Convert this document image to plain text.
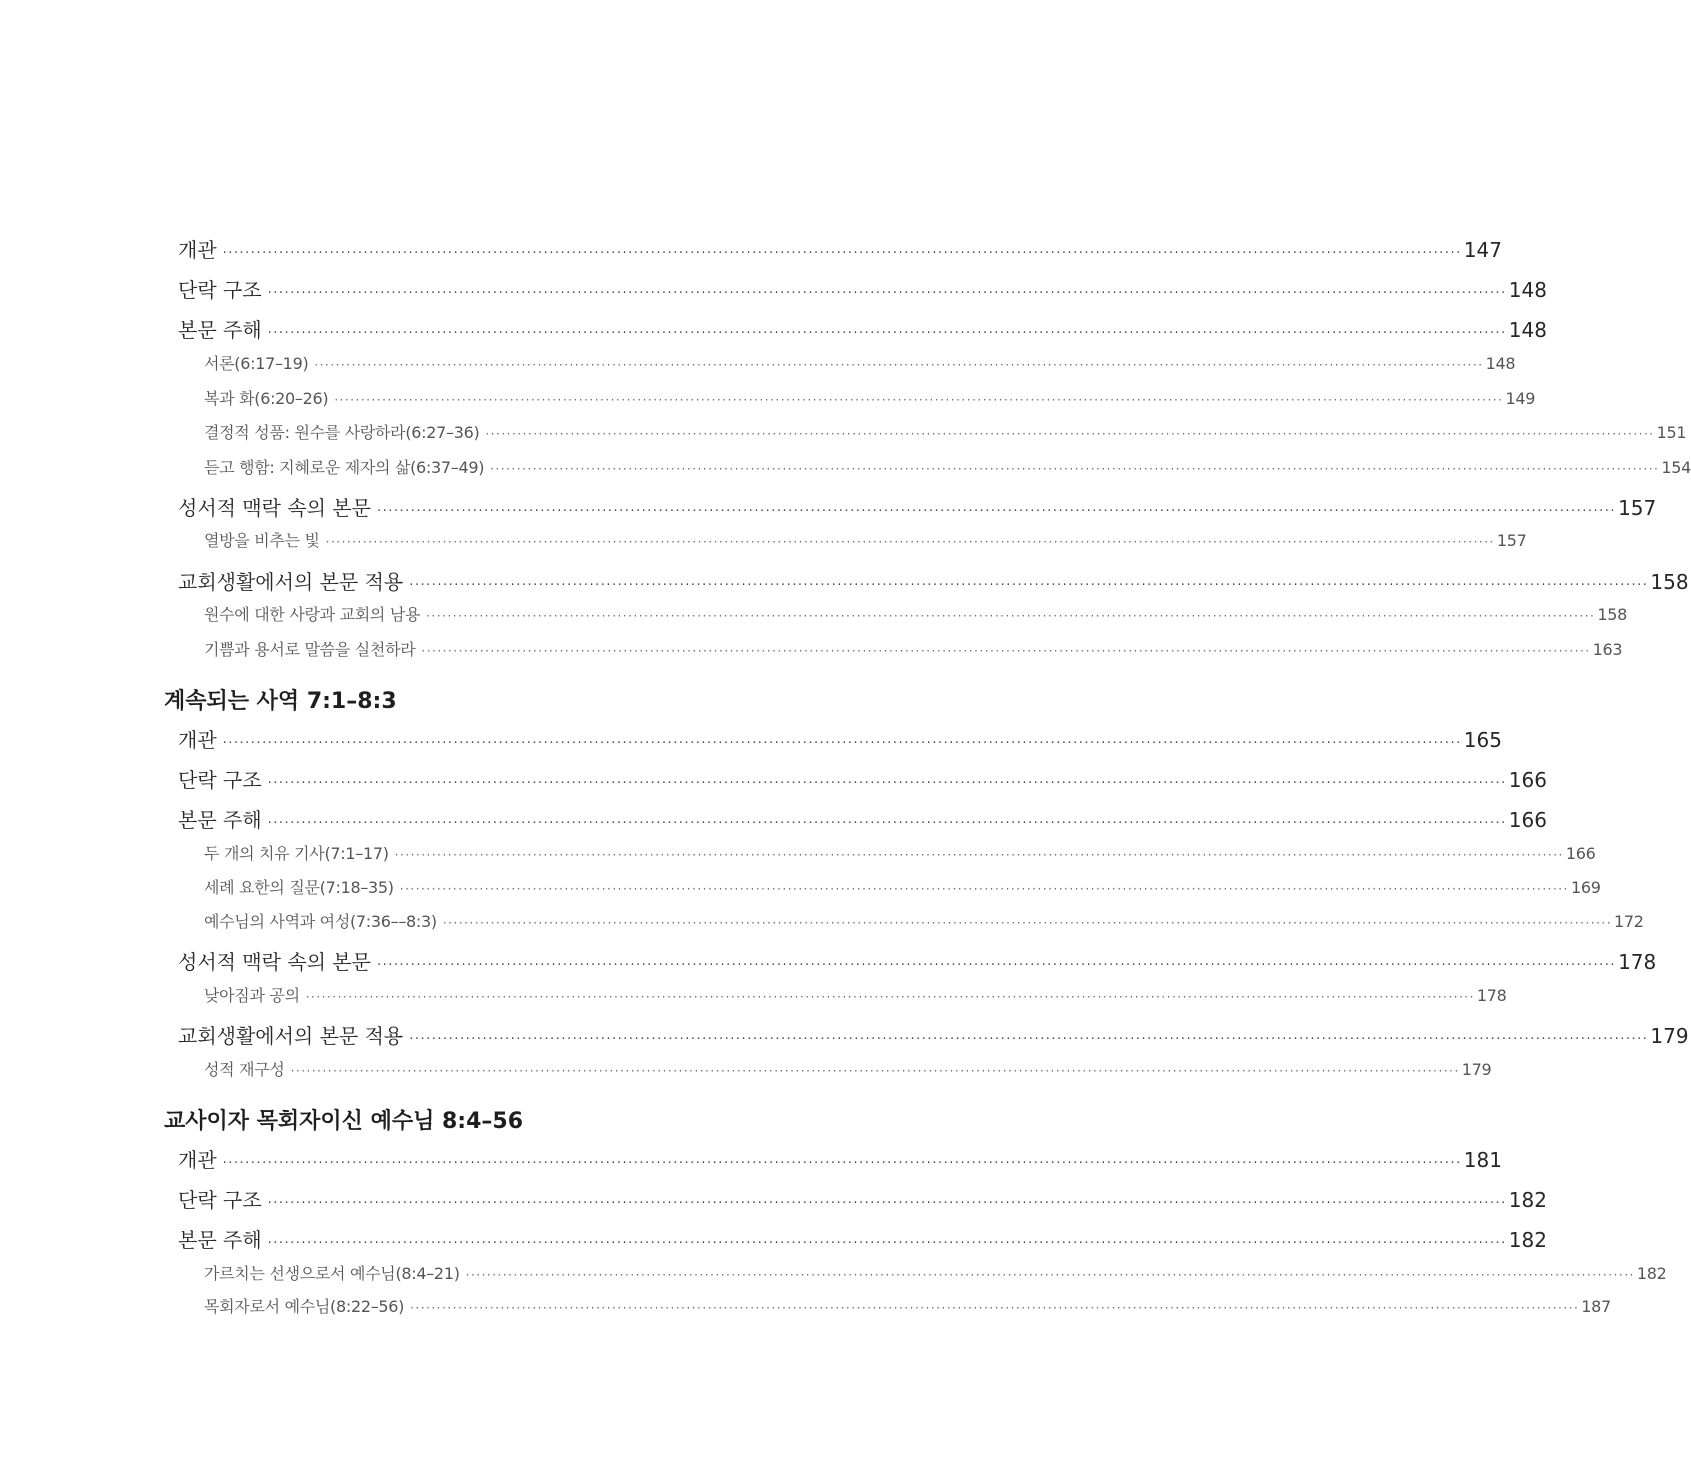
개관 ···························································································································································································································· 147
단락 구조 ···························································································································································································································· 148
본문 주해 ···························································································································································································································· 148
서론(6:17–19) ···························································································································································································································· 148
복과 화(6:20–26) ···························································································································································································································· 149
결정적 성품: 원수를 사랑하라(6:27–36) ···························································································································································································································· 151
듣고 행함: 지혜로운 제자의 삶(6:37–49) ···························································································································································································································· 154
성서적 맥락 속의 본문 ···························································································································································································································· 157
열방을 비추는 빛 ···························································································································································································································· 157
교회생활에서의 본문 적용 ···························································································································································································································· 158
원수에 대한 사랑과 교회의 남용 ···························································································································································································································· 158
기쁨과 용서로 말씀을 실천하라 ···························································································································································································································· 163
계속되는 사역 7:1–8:3
개관 ···························································································································································································································· 165
단락 구조 ···························································································································································································································· 166
본문 주해 ···························································································································································································································· 166
두 개의 치유 기사(7:1–17) ···························································································································································································································· 166
세례 요한의 질문(7:18–35) ···························································································································································································································· 169
예수님의 사역과 여성(7:36––8:3) ···························································································································································································································· 172
성서적 맥락 속의 본문 ···························································································································································································································· 178
낮아짐과 공의 ···························································································································································································································· 178
교회생활에서의 본문 적용 ···························································································································································································································· 179
성적 재구성 ···························································································································································································································· 179
교사이자 목회자이신 예수님 8:4–56
개관 ···························································································································································································································· 181
단락 구조 ···························································································································································································································· 182
본문 주해 ···························································································································································································································· 182
가르치는 선생으로서 예수님(8:4–21) ···························································································································································································································· 182
목회자로서 예수님(8:22–56) ···························································································································································································································· 187
